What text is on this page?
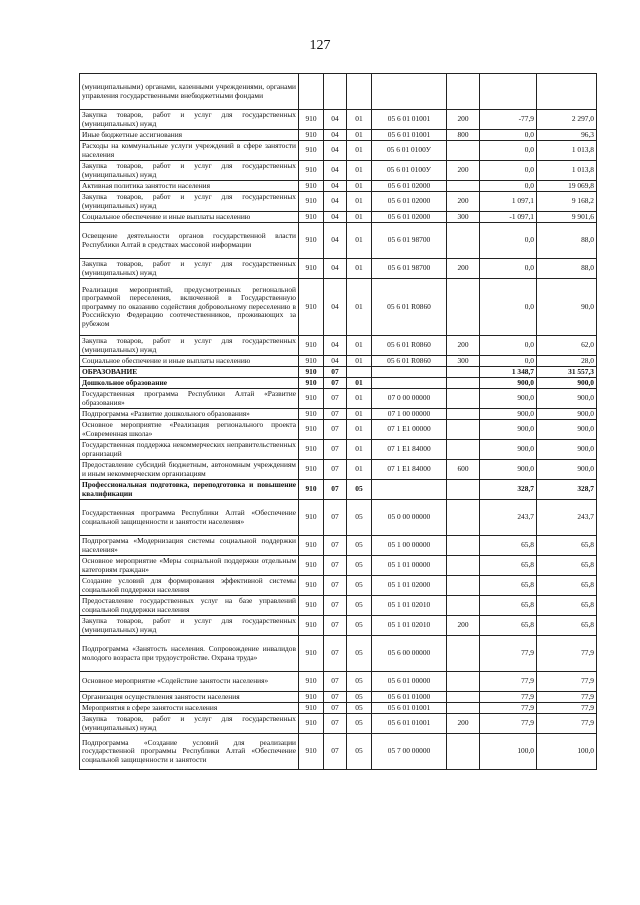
127
(муниципальными) органами, казенными учреждениями, органами управления государственными внебюджетными фондами							
Закупка товаров, работ и услуг для государственных (муниципальных) нужд	910	04	01	05 6 01 01001	200	-77,9	2 297,0
Иные бюджетные ассигнования	910	04	01	05 6 01 01001	800	0,0	96,3
Расходы на коммунальные услуги учреждений в сфере занятости населения	910	04	01	05 6 01 0100У		0,0	1 013,8
Закупка товаров, работ и услуг для государственных (муниципальных) нужд	910	04	01	05 6 01 0100У	200	0,0	1 013,8
Активная политика занятости населения	910	04	01	05 6 01 02000		0,0	19 069,8
Закупка товаров, работ и услуг для государственных (муниципальных) нужд	910	04	01	05 6 01 02000	200	1 097,1	9 168,2
Социальное обеспечение и иные выплаты населению	910	04	01	05 6 01 02000	300	-1 097,1	9 901,6
Освещение деятельности органов государственной власти Республики Алтай в средствах массовой информации	910	04	01	05 6 01 98700		0,0	88,0
Закупка товаров, работ и услуг для государственных (муниципальных) нужд	910	04	01	05 6 01 98700	200	0,0	88,0
Реализация мероприятий, предусмотренных региональной программой переселения, включенной в Государственную программу по оказанию содействия добровольному переселению в Российскую Федерацию соотечественников, проживающих за рубежом	910	04	01	05 6 01 R0860		0,0	90,0
Закупка товаров, работ и услуг для государственных (муниципальных) нужд	910	04	01	05 6 01 R0860	200	0,0	62,0
Социальное обеспечение и иные выплаты населению	910	04	01	05 6 01 R0860	300	0,0	28,0
ОБРАЗОВАНИЕ	910	07				1 348,7	31 557,3
Дошкольное образование	910	07	01			900,0	900,0
Государственная программа Республики Алтай «Развитие образования»	910	07	01	07 0 00 00000		900,0	900,0
Подпрограмма «Развитие дошкольного образования»	910	07	01	07 1 00 00000		900,0	900,0
Основное мероприятие «Реализация регионального проекта «Современная школа»	910	07	01	07 1 E1 00000		900,0	900,0
Государственная поддержка некоммерческих неправительственных организаций	910	07	01	07 1 E1 84000		900,0	900,0
Предоставление субсидий бюджетным, автономным учреждениям и иным некоммерческим организациям	910	07	01	07 1 E1 84000	600	900,0	900,0
Профессиональная подготовка, переподготовка и повышение квалификации	910	07	05			328,7	328,7
Государственная программа Республики Алтай «Обеспечение социальной защищенности и занятости населения»	910	07	05	05 0 00 00000		243,7	243,7
Подпрограмма «Модернизация системы социальной поддержки населения»	910	07	05	05 1 00 00000		65,8	65,8
Основное мероприятие «Меры социальной поддержки отдельным категориям граждан»	910	07	05	05 1 01 00000		65,8	65,8
Создание условий для формирования эффективной системы социальной поддержки населения	910	07	05	05 1 01 02000		65,8	65,8
Предоставление государственных услуг на базе управлений социальной поддержки населения	910	07	05	05 1 01 02010		65,8	65,8
Закупка товаров, работ и услуг для государственных (муниципальных) нужд	910	07	05	05 1 01 02010	200	65,8	65,8
Подпрограмма «Занятость населения. Сопровождение инвалидов молодого возраста при трудоустройстве. Охрана труда»	910	07	05	05 6 00 00000		77,9	77,9
Основное мероприятие «Содействие занятости населения»	910	07	05	05 6 01 00000		77,9	77,9
Организация осуществления занятости населения	910	07	05	05 6 01 01000		77,9	77,9
Мероприятия в сфере занятости населения	910	07	05	05 6 01 01001		77,9	77,9
Закупка товаров, работ и услуг для государственных (муниципальных) нужд	910	07	05	05 6 01 01001	200	77,9	77,9
Подпрограмма «Создание условий для реализации государственной программы Республики Алтай «Обеспечение социальной защищенности и занятости	910	07	05	05 7 00 00000		100,0	100,0
